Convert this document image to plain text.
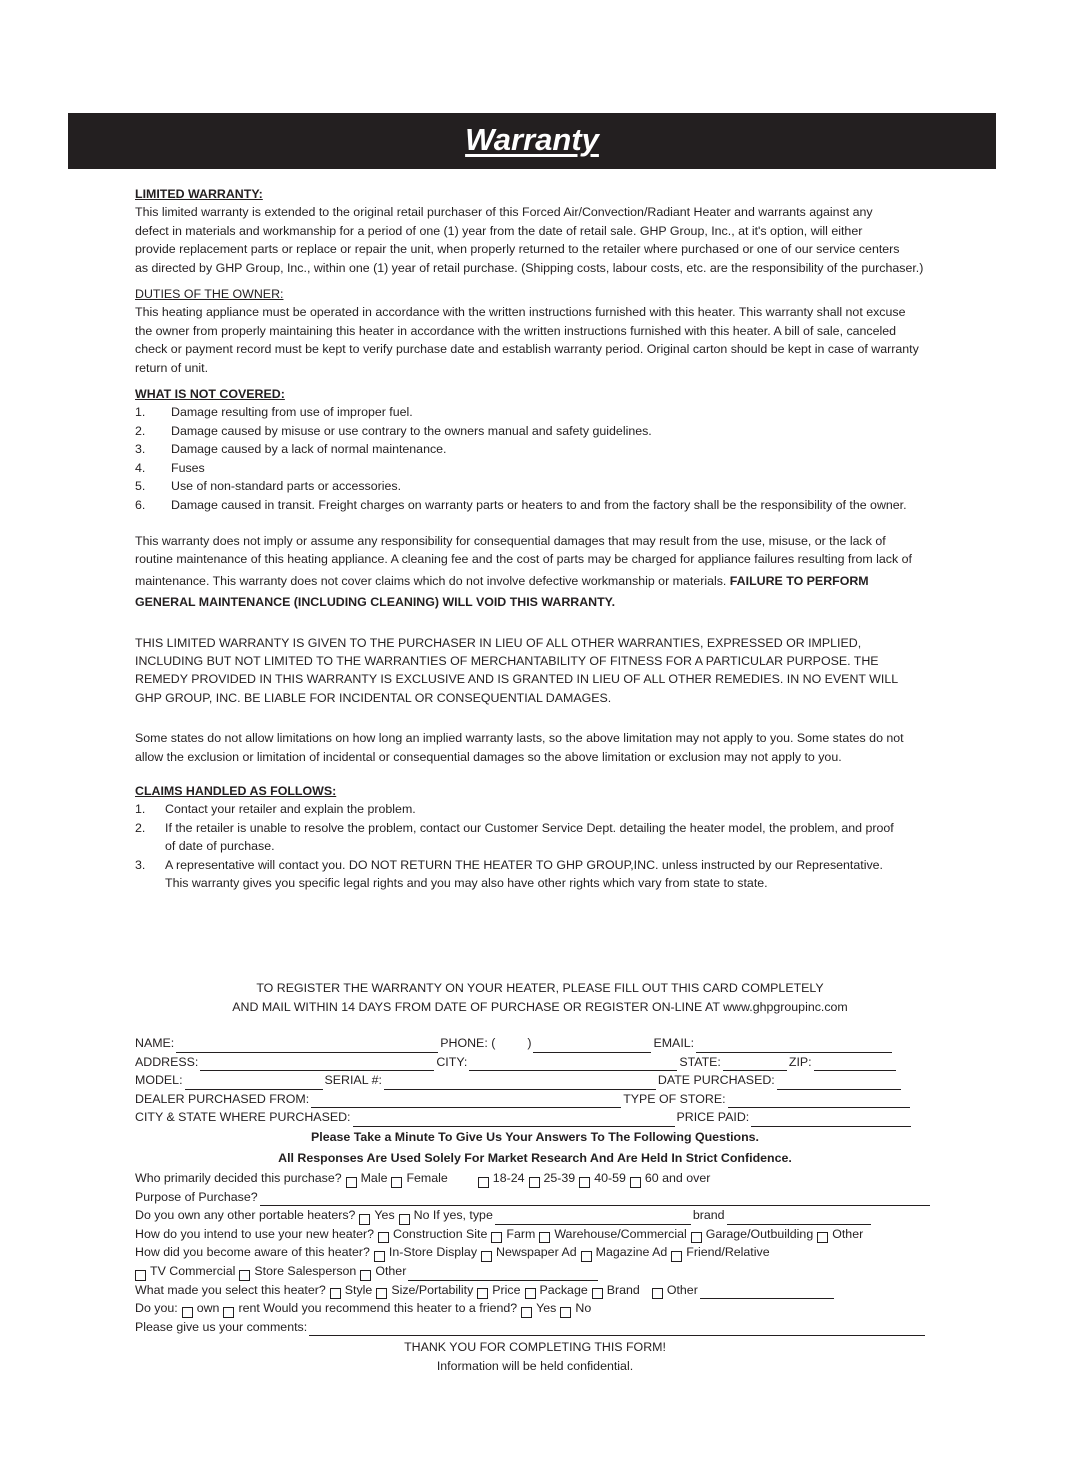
Warranty
LIMITED WARRANTY:

This limited warranty is extended to the original retail purchaser of this Forced Air/Convection/Radiant Heater and warrants against any

defect in materials and workmanship for a period of one (1) year from the date of retail sale. GHP Group, Inc., at it's option, will either

provide replacement parts or replace or repair the unit, when properly returned to the retailer where purchased or one of our service centers

as directed by GHP Group, Inc., within one (1) year of retail purchase. (Shipping costs, labour costs, etc. are the responsibility of the purchaser.)

DUTIES OF THE OWNER:

This heating appliance must be operated in accordance with the written instructions furnished with this heater. This warranty shall not excuse

the owner from properly maintaining this heater in accordance with the written instructions furnished with this heater. A bill of sale, canceled

check or payment record must be kept to verify purchase date and establish warranty period. Original carton should be kept in case of warranty

return of unit.

WHAT IS NOT COVERED:
1.	Damage resulting from use of improper fuel.
2.	Damage caused by misuse or use contrary to the owners manual and safety guidelines.
3.	Damage caused by a lack of normal maintenance.
4.	Fuses
5.	Use of non-standard parts or accessories.
6.	Damage caused in transit. Freight charges on warranty parts or heaters to and from the factory shall be the responsibility of the owner.

This warranty does not imply or assume any responsibility for consequential damages that may result from the use, misuse, or the lack of

routine maintenance of this heating appliance. A cleaning fee and the cost of parts may be charged for appliance failures resulting from lack of

maintenance. This warranty does not cover claims which do not involve defective workmanship or materials. FAILURE TO PERFORM

GENERAL MAINTENANCE (INCLUDING CLEANING) WILL VOID THIS WARRANTY.

THIS LIMITED WARRANTY IS GIVEN TO THE PURCHASER IN LIEU OF ALL OTHER WARRANTIES, EXPRESSED OR IMPLIED,

INCLUDING BUT NOT LIMITED TO THE WARRANTIES OF MERCHANTABILITY OF FITNESS FOR A PARTICULAR PURPOSE. THE

REMEDY PROVIDED IN THIS WARRANTY IS EXCLUSIVE AND IS GRANTED IN LIEU OF ALL OTHER REMEDIES. IN NO EVENT WILL

GHP GROUP, INC. BE LIABLE FOR INCIDENTAL OR CONSEQUENTIAL DAMAGES.

Some states do not allow limitations on how long an implied warranty lasts, so the above limitation may not apply to you. Some states do not

allow the exclusion or limitation of incidental or consequential damages so the above limitation or exclusion may not apply to you.

CLAIMS HANDLED AS FOLLOWS:
1.	Contact your retailer and explain the problem.
2.	If the retailer is unable to resolve the problem, contact our Customer Service Dept. detailing the heater model, the problem, and proof
of date of purchase.
3.	A representative will contact you. DO NOT RETURN THE HEATER TO GHP GROUP,INC. unless instructed by our Representative.
This warranty gives you specific legal rights and you may also have other rights which vary from state to state.
TO REGISTER THE WARRANTY ON YOUR HEATER, PLEASE FILL OUT THIS CARD COMPLETELY
AND MAIL WITHIN 14 DAYS FROM DATE OF PURCHASE OR REGISTER ON-LINE AT www.ghpgroupinc.com
NAME:	PHONE: (	)	EMAIL:
ADDRESS:	CITY:	STATE:	ZIP:
MODEL:	SERIAL #:	DATE PURCHASED:
DEALER PURCHASED FROM:	TYPE OF STORE:
CITY & STATE WHERE PURCHASED:	PRICE PAID:
Please Take a Minute To Give Us Your Answers To The Following Questions.
All Responses Are Used Solely For Market Research And Are Held In Strict Confidence.
Who primarily decided this purchase? Male Female	18-24 25-39 40-59 60 and over
Purpose of Purchase?
Do you own any other portable heaters? Yes No If yes, type	brand
How do you intend to use your new heater? Construction Site Farm Warehouse/Commercial Garage/Outbuilding Other
How did you become aware of this heater? In-Store Display Newspaper Ad Magazine Ad Friend/Relative
TV Commercial Store Salesperson Other
What made you select this heater? Style Size/Portability Price Package Brand Other
Do you: own rent Would you recommend this heater to a friend? Yes No
Please give us your comments:
THANK YOU FOR COMPLETING THIS FORM!
Information will be held confidential.
